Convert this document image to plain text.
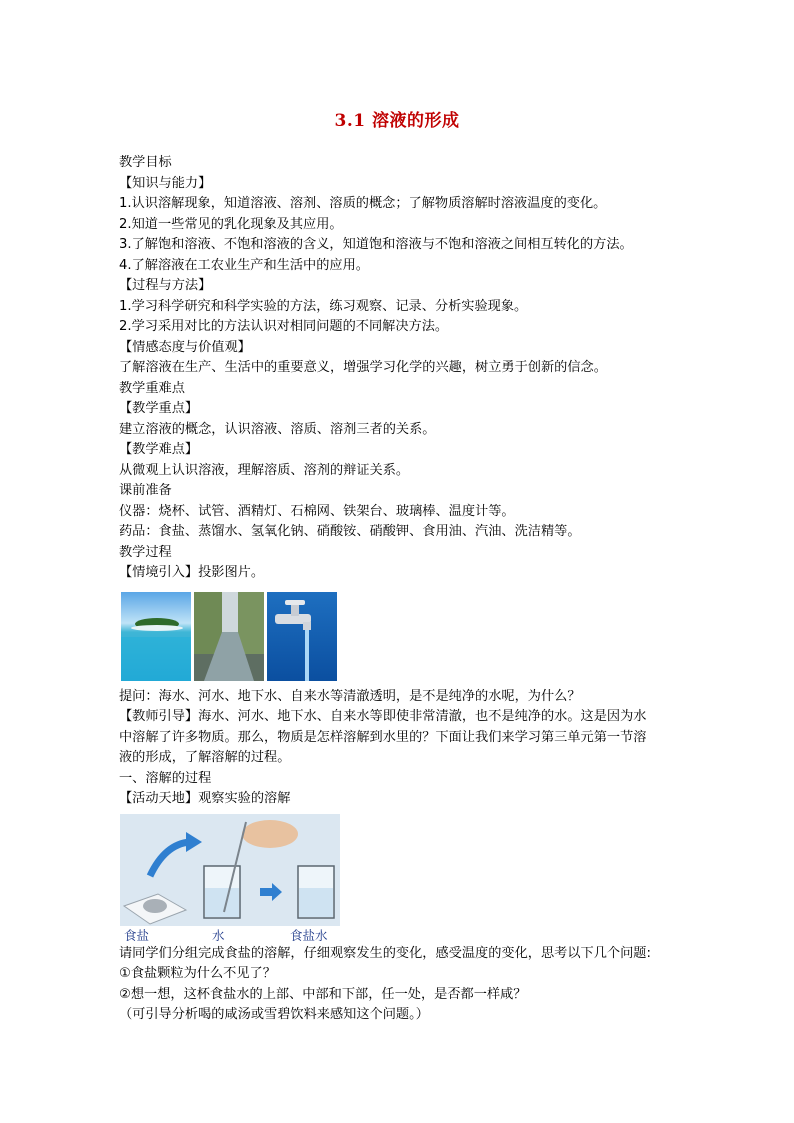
3.1 溶液的形成

教学目标

【知识与能力】

1.认识溶解现象，知道溶液、溶剂、溶质的概念；了解物质溶解时溶液温度的变化。

2.知道一些常见的乳化现象及其应用。

3.了解饱和溶液、不饱和溶液的含义，知道饱和溶液与不饱和溶液之间相互转化的方法。

4.了解溶液在工农业生产和生活中的应用。

【过程与方法】

1.学习科学研究和科学实验的方法，练习观察、记录、分析实验现象。

2.学习采用对比的方法认识对相同问题的不同解决方法。

【情感态度与价值观】

了解溶液在生产、生活中的重要意义，增强学习化学的兴趣，树立勇于创新的信念。

教学重难点

【教学重点】

建立溶液的概念，认识溶液、溶质、溶剂三者的关系。

【教学难点】

从微观上认识溶液，理解溶质、溶剂的辩证关系。

课前准备

仪器：烧杯、试管、酒精灯、石棉网、铁架台、玻璃棒、温度计等。

药品：食盐、蒸馏水、氢氧化钠、硝酸铵、硝酸钾、食用油、汽油、洗洁精等。

教学过程

【情境引入】投影图片。

提问：海水、河水、地下水、自来水等清澈透明，是不是纯净的水呢，为什么？

【教师引导】海水、河水、地下水、自来水等即使非常清澈，也不是纯净的水。这是因为水

中溶解了许多物质。那么，物质是怎样溶解到水里的？下面让我们来学习第三单元第一节溶

液的形成，了解溶解的过程。

一、溶解的过程

【活动天地】观察实验的溶解

食盐	水	食盐水

请同学们分组完成食盐的溶解，仔细观察发生的变化，感受温度的变化，思考以下几个问题:

①食盐颗粒为什么不见了？

②想一想，这杯食盐水的上部、中部和下部，任一处，是否都一样咸？

（可引导分析喝的咸汤或雪碧饮料来感知这个问题。）
